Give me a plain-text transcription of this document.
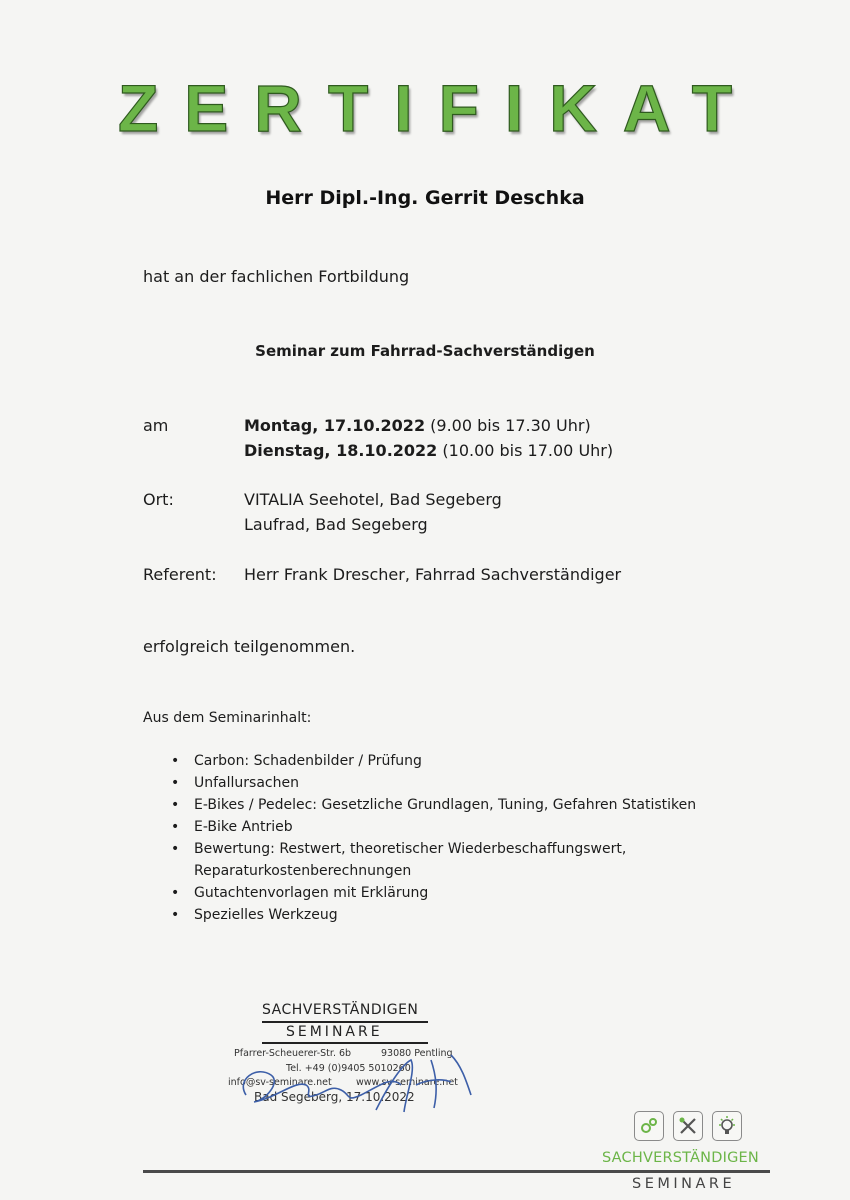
ZERTIFIKAT
Herr Dipl.-Ing. Gerrit Deschka
hat an der fachlichen Fortbildung
Seminar zum Fahrrad-Sachverständigen
am	Montag, 17.10.2022 (9.00 bis 17.30 Uhr)
Dienstag, 18.10.2022 (10.00 bis 17.00 Uhr)
Ort:	VITALIA Seehotel, Bad Segeberg
Laufrad, Bad Segeberg
Referent: Herr Frank Drescher, Fahrrad Sachverständiger
erfolgreich teilgenommen.
Aus dem Seminarinhalt:
• Carbon: Schadenbilder / Prüfung
• Unfallursachen
• E-Bikes / Pedelec: Gesetzliche Grundlagen, Tuning, Gefahren Statistiken
• E-Bike Antrieb
• Bewertung: Restwert, theoretischer Wiederbeschaffungswert,
Reparaturkostenberechnungen
• Gutachtenvorlagen mit Erklärung
• Spezielles Werkzeug
SACHVERSTÄNDIGEN
SEMINARE
Pfarrer-Scheuerer-Str. 6b	93080 Pentling
Tel. +49 (0)9405 5010260
info@sv-seminare.net	www.sv-seminare.net
Bad Segeberg, 17.10.2022

SACHVERSTÄNDIGEN
SEMINARE
